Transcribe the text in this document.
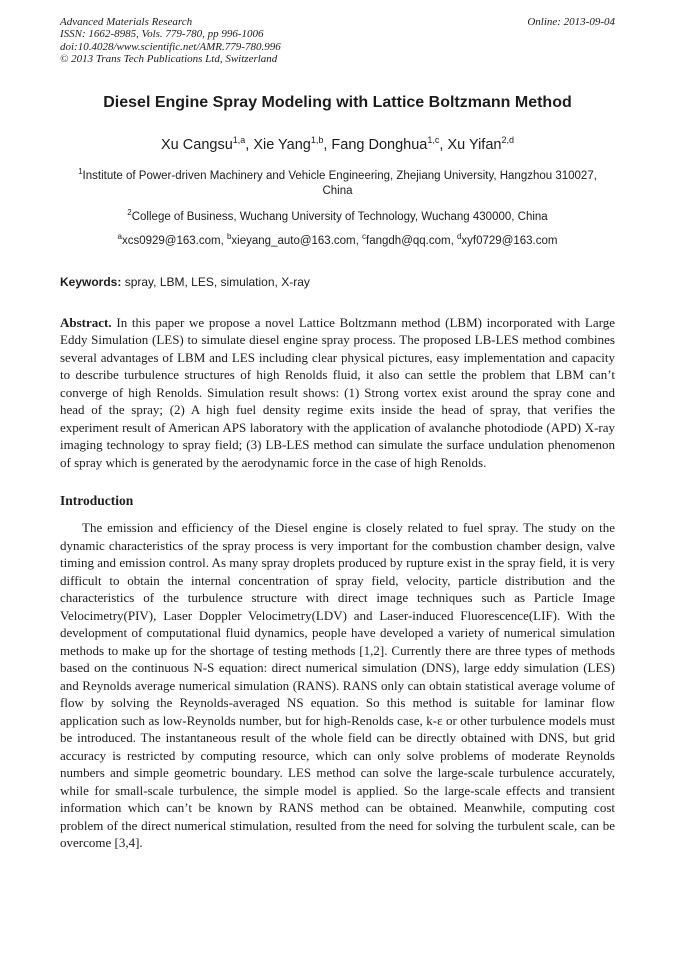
Advanced Materials Research
ISSN: 1662-8985, Vols. 779-780, pp 996-1006
doi:10.4028/www.scientific.net/AMR.779-780.996
© 2013 Trans Tech Publications Ltd, Switzerland
Online: 2013-09-04
Diesel Engine Spray Modeling with Lattice Boltzmann Method
Xu Cangsu$^{1,a}$, Xie Yang$^{1,b}$, Fang Donghua$^{1,c}$, Xu Yifan$^{2,d}$
$^1$Institute of Power-driven Machinery and Vehicle Engineering, Zhejiang University, Hangzhou 310027, China
$^2$College of Business, Wuchang University of Technology, Wuchang 430000, China
$^a$xcs0929@163.com, $^b$xieyang_auto@163.com, $^c$fangdh@qq.com, $^d$xyf0729@163.com
Keywords: spray, LBM, LES, simulation, X-ray

Abstract. In this paper we propose a novel Lattice Boltzmann method (LBM) incorporated with Large Eddy Simulation (LES) to simulate diesel engine spray process. The proposed LB-LES method combines several advantages of LBM and LES including clear physical pictures, easy implementation and capacity to describe turbulence structures of high Renolds fluid, it also can settle the problem that LBM can’t converge of high Renolds. Simulation result shows: (1) Strong vortex exist around the spray cone and head of the spray; (2) A high fuel density regime exits inside the head of spray, that verifies the experiment result of American APS laboratory with the application of avalanche photodiode (APD) X-ray imaging technology to spray field; (3) LB-LES method can simulate the surface undulation phenomenon of spray which is generated by the aerodynamic force in the case of high Renolds.

Introduction

The emission and efficiency of the Diesel engine is closely related to fuel spray. The study on the dynamic characteristics of the spray process is very important for the combustion chamber design, valve timing and emission control. As many spray droplets produced by rupture exist in the spray field, it is very difficult to obtain the internal concentration of spray field, velocity, particle distribution and the characteristics of the turbulence structure with direct image techniques such as Particle Image Velocimetry(PIV), Laser Doppler Velocimetry(LDV) and Laser-induced Fluorescence(LIF). With the development of computational fluid dynamics, people have developed a variety of numerical simulation methods to make up for the shortage of testing methods [1,2]. Currently there are three types of methods based on the continuous N-S equation: direct numerical simulation (DNS), large eddy simulation (LES) and Reynolds average numerical simulation (RANS). RANS only can obtain statistical average volume of flow by solving the Reynolds-averaged NS equation. So this method is suitable for laminar flow application such as low-Reynolds number, but for high-Renolds case, k-ε or other turbulence models must be introduced. The instantaneous result of the whole field can be directly obtained with DNS, but grid accuracy is restricted by computing resource, which can only solve problems of moderate Reynolds numbers and simple geometric boundary. LES method can solve the large-scale turbulence accurately, while for small-scale turbulence, the simple model is applied. So the large-scale effects and transient information which can’t be known by RANS method can be obtained. Meanwhile, computing cost problem of the direct numerical stimulation, resulted from the need for solving the turbulent scale, can be overcome [3,4].
